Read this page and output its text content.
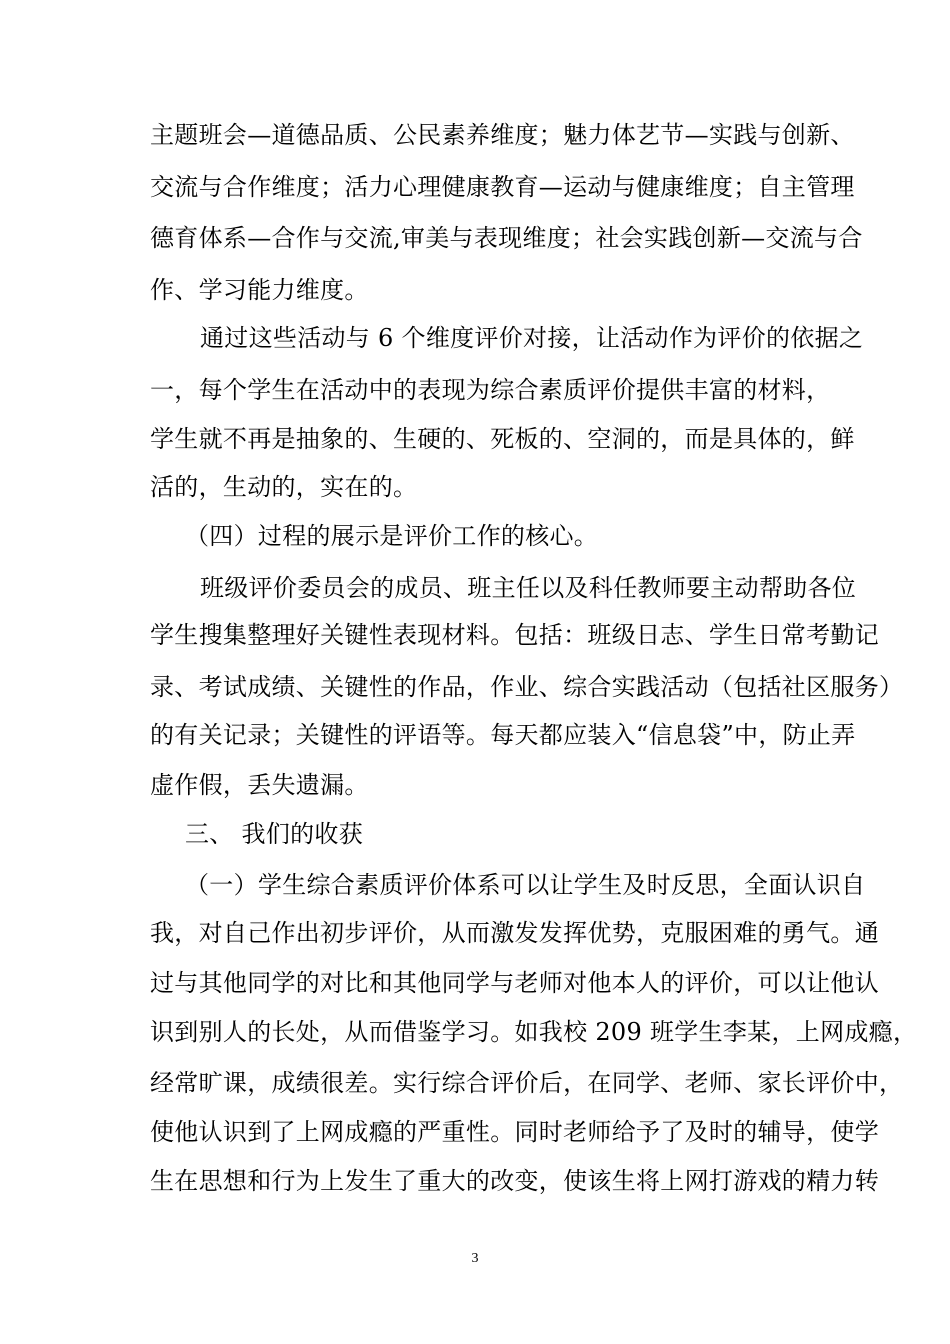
主题班会—道德品质、公民素养维度；魅力体艺节—实践与创新、
交流与合作维度；活力心理健康教育—运动与健康维度；自主管理
德育体系—合作与交流,审美与表现维度；社会实践创新—交流与合
作、学习能力维度。
通过这些活动与 6 个维度评价对接，让活动作为评价的依据之
一，每个学生在活动中的表现为综合素质评价提供丰富的材料，
学生就不再是抽象的、生硬的、死板的、空洞的，而是具体的，鲜
活的，生动的，实在的。
（四）过程的展示是评价工作的核心。
班级评价委员会的成员、班主任以及科任教师要主动帮助各位
学生搜集整理好关键性表现材料。包括：班级日志、学生日常考勤记
录、考试成绩、关键性的作品，作业、综合实践活动（包括社区服务）
的有关记录；关键性的评语等。每天都应装入“信息袋”中，防止弄
虚作假，丢失遗漏。
三、 我们的收获
（一）学生综合素质评价体系可以让学生及时反思，全面认识自
我，对自己作出初步评价，从而激发发挥优势，克服困难的勇气。通
过与其他同学的对比和其他同学与老师对他本人的评价，可以让他认
识到别人的长处，从而借鉴学习。如我校 209 班学生李某，上网成瘾，
经常旷课，成绩很差。实行综合评价后，在同学、老师、家长评价中，
使他认识到了上网成瘾的严重性。同时老师给予了及时的辅导，使学
生在思想和行为上发生了重大的改变，使该生将上网打游戏的精力转
3
